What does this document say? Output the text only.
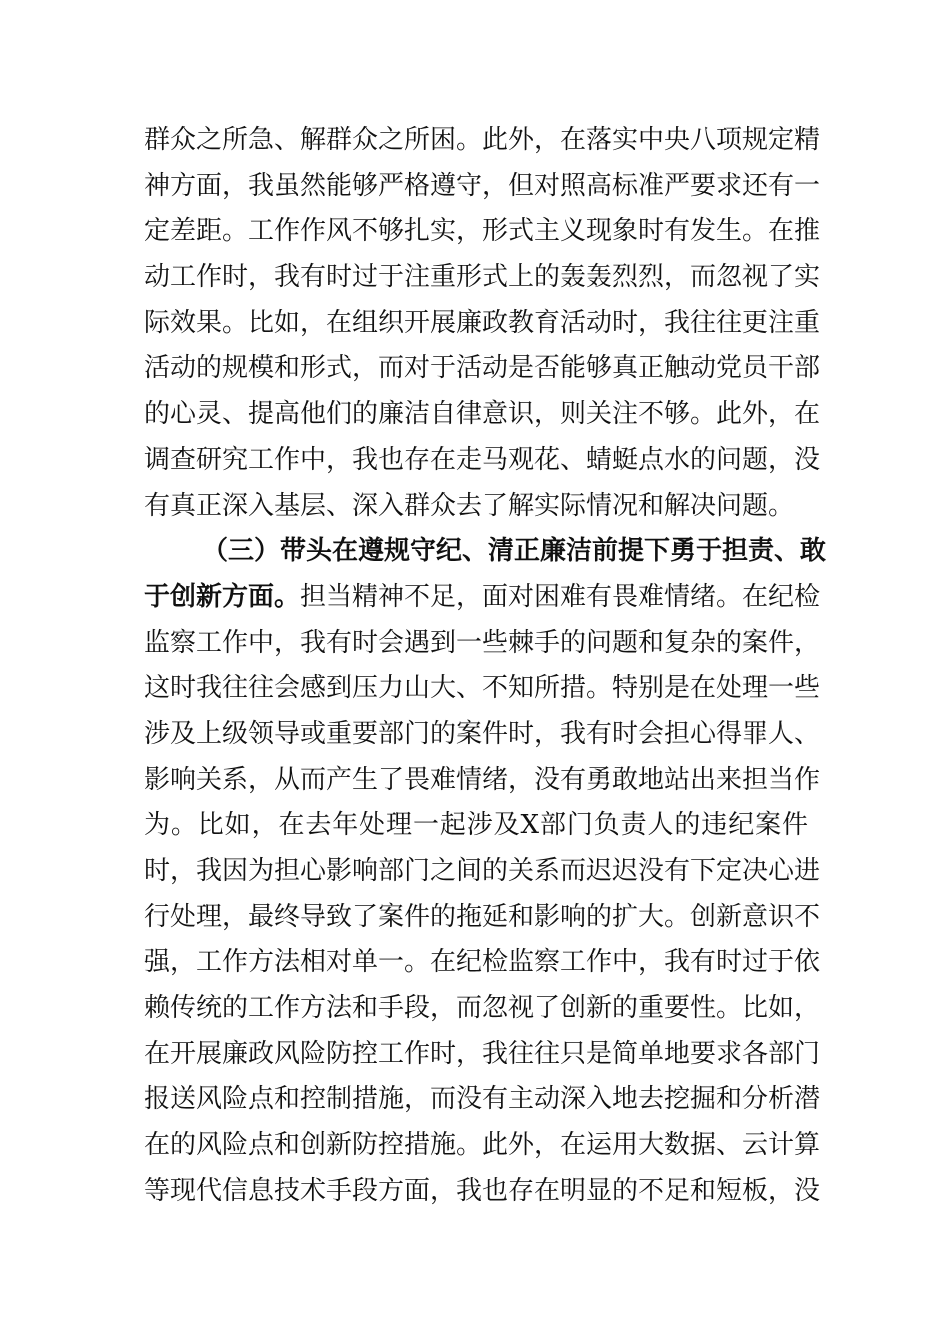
群众之所急、解群众之所困。此外，在落实中央八项规定精
神方面，我虽然能够严格遵守，但对照高标准严要求还有一
定差距。工作作风不够扎实，形式主义现象时有发生。在推
动工作时，我有时过于注重形式上的轰轰烈烈，而忽视了实
际效果。比如，在组织开展廉政教育活动时，我往往更注重
活动的规模和形式，而对于活动是否能够真正触动党员干部
的心灵、提高他们的廉洁自律意识，则关注不够。此外，在
调查研究工作中，我也存在走马观花、蜻蜓点水的问题，没
有真正深入基层、深入群众去了解实际情况和解决问题。
（三）带头在遵规守纪、清正廉洁前提下勇于担责、敢
于创新方面。担当精神不足，面对困难有畏难情绪。在纪检
监察工作中，我有时会遇到一些棘手的问题和复杂的案件，
这时我往往会感到压力山大、不知所措。特别是在处理一些
涉及上级领导或重要部门的案件时，我有时会担心得罪人、
影响关系，从而产生了畏难情绪，没有勇敢地站出来担当作
为。比如，在去年处理一起涉及X部门负责人的违纪案件
时，我因为担心影响部门之间的关系而迟迟没有下定决心进
行处理，最终导致了案件的拖延和影响的扩大。创新意识不
强，工作方法相对单一。在纪检监察工作中，我有时过于依
赖传统的工作方法和手段，而忽视了创新的重要性。比如，
在开展廉政风险防控工作时，我往往只是简单地要求各部门
报送风险点和控制措施，而没有主动深入地去挖掘和分析潜
在的风险点和创新防控措施。此外，在运用大数据、云计算
等现代信息技术手段方面，我也存在明显的不足和短板，没
